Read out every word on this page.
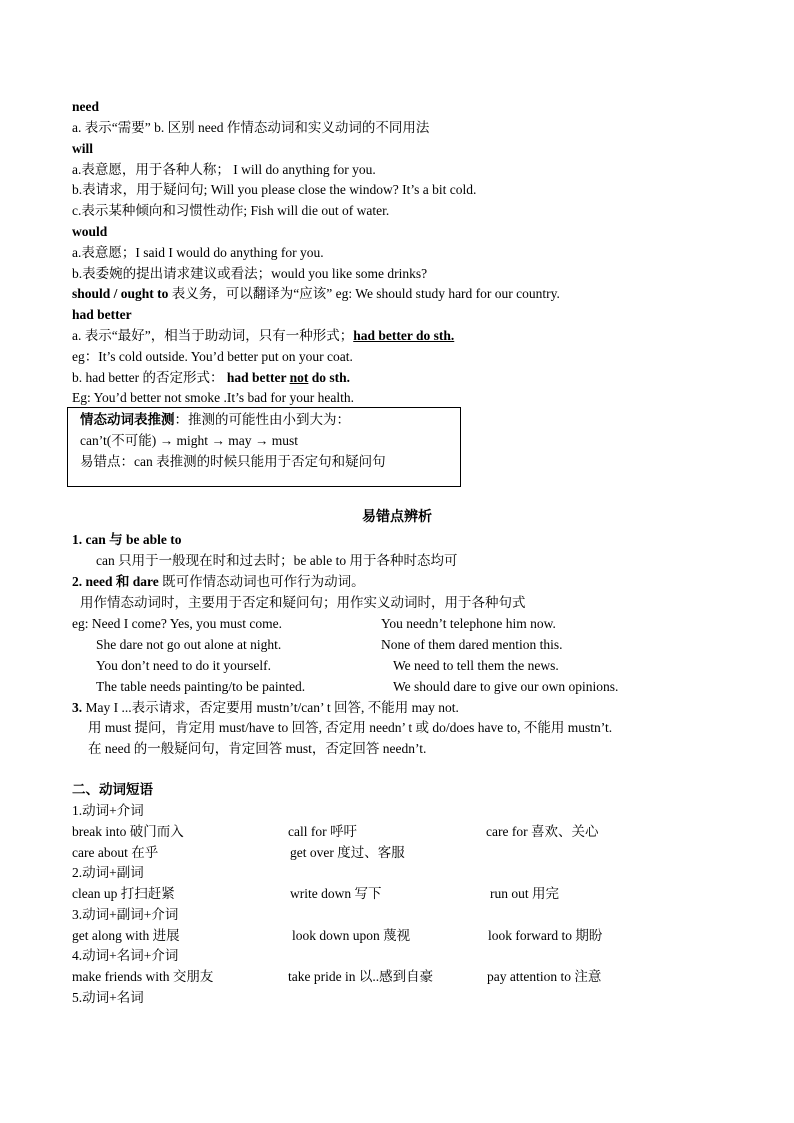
need
a. 表示“需要” b. 区别 need 作情态动词和实义动词的不同用法
will
a.表意愿，用于各种人称； I will do anything for you.
b.表请求，用于疑问句; Will you please close the window? It’s a bit cold.
c.表示某种倾向和习惯性动作; Fish will die out of water.
would
a.表意愿；I said I would do anything for you.
b.表委婉的提出请求建议或看法；would you like some drinks?
should / ought to 表义务，可以翻译为“应该” eg: We should study hard for our country.
had better
a. 表示“最好”，相当于助动词，只有一种形式；had better do sth.
eg：It’s cold outside. You’d better put on your coat.
b. had better 的否定形式： had better not do sth.
Eg: You’d better not smoke .It’s bad for your health.
情态动词表推测：推测的可能性由小到大为：
can’t(不可能) → might → may → must
易错点：can 表推测的时候只能用于否定句和疑问句
易错点辨析
1. can 与 be able to
can 只用于一般现在时和过去时；be able to 用于各种时态均可
2. need 和 dare 既可作情态动词也可作行为动词。
用作情态动词时，主要用于否定和疑问句；用作实义动词时，用于各种句式
eg: Need I come? Yes, you must come.	You needn’t telephone him now.
She dare not go out alone at night.	None of them dared mention this.
You don’t need to do it yourself.	We need to tell them the news.
The table needs painting/to be painted.	We should dare to give our own opinions.
3. May I ...表示请求，否定要用 mustn’t/can’ t 回答, 不能用 may not.
用 must 提问，肯定用 must/have to 回答, 否定用 needn’ t 或 do/does have to, 不能用 mustn’t.
在 need 的一般疑问句，肯定回答 must，否定回答 needn’t.
二、动词短语
1.动词+介词
break into 破门而入	call for 呼吁	care for 喜欢、关心
care about 在乎	get over 度过、客服
2.动词+副词
clean up 打扫赶紧	write down 写下	run out 用完
3.动词+副词+介词
get along with 进展	look down upon 蔑视	look forward to 期盼
4.动词+名词+介词
make friends with 交朋友	take pride in 以..感到自豪	pay attention to 注意
5.动词+名词
